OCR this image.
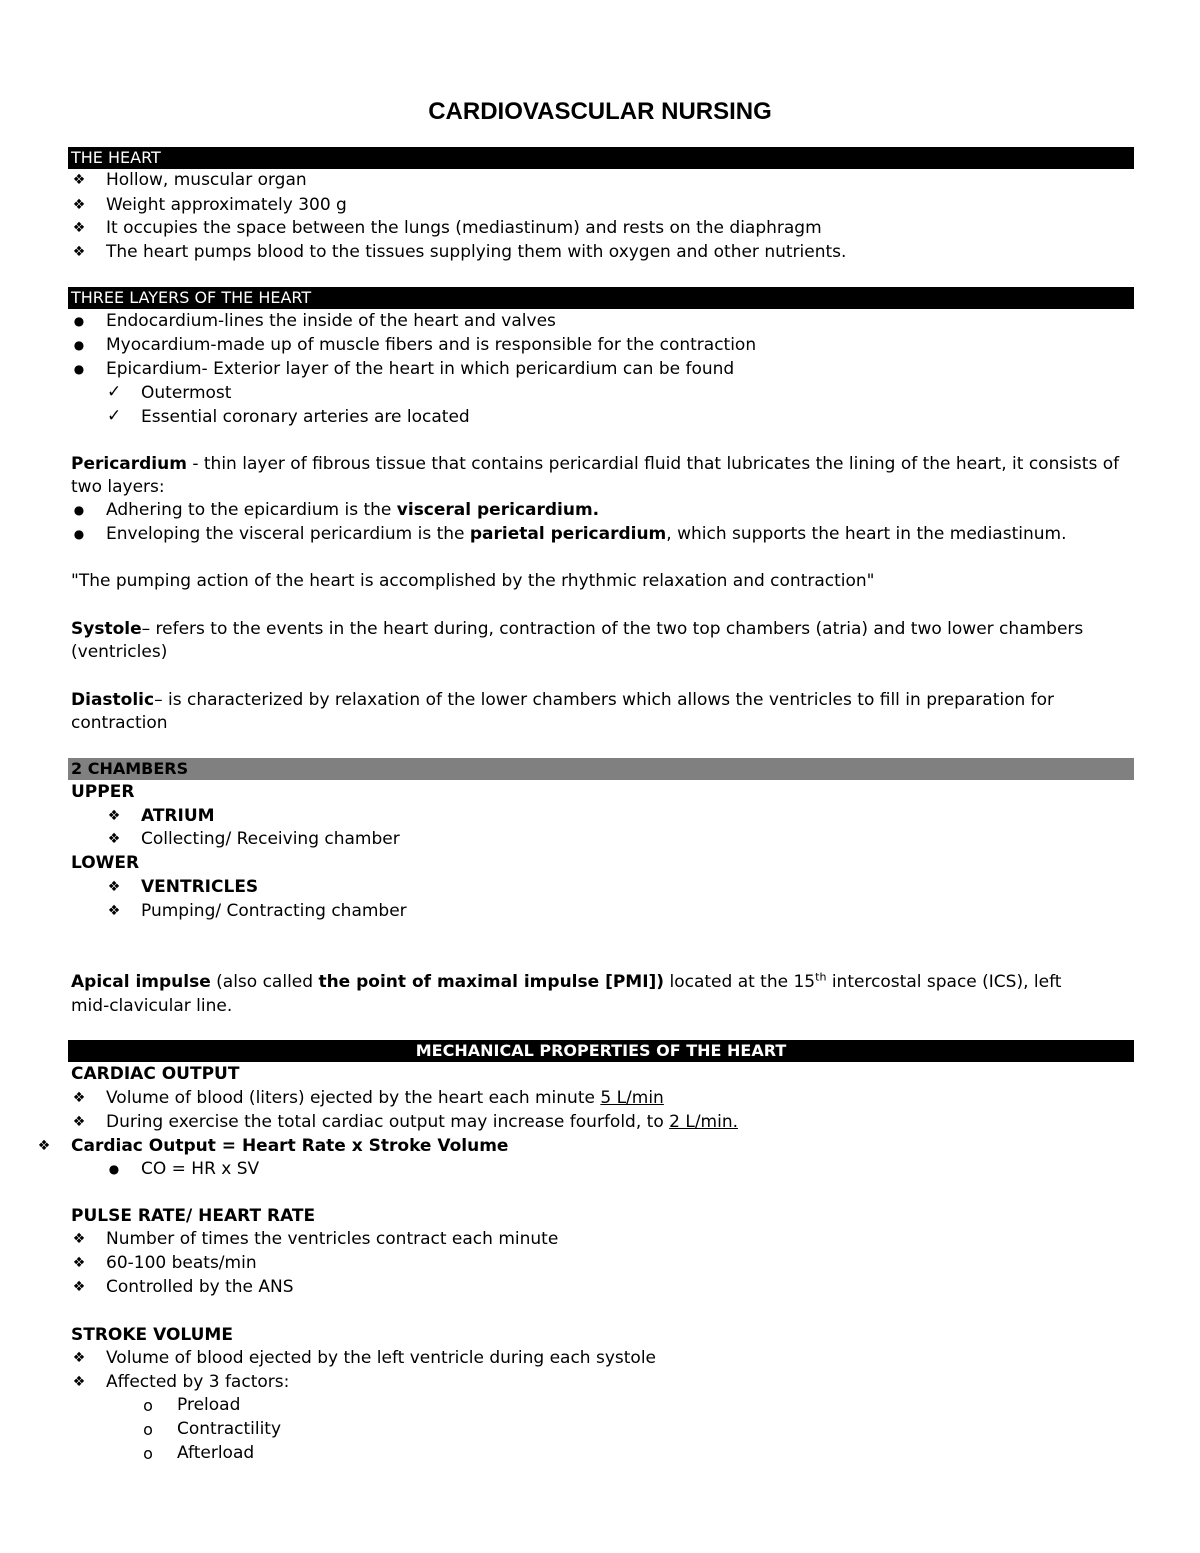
CARDIOVASCULAR NURSING
THE HEART
❖ Hollow, muscular organ
❖ Weight approximately 300 g
❖ It occupies the space between the lungs (mediastinum) and rests on the diaphragm
❖ The heart pumps blood to the tissues supplying them with oxygen and other nutrients.
THREE LAYERS OF THE HEART
● Endocardium-lines the inside of the heart and valves
● Myocardium-made up of muscle fibers and is responsible for the contraction
● Epicardium- Exterior layer of the heart in which pericardium can be found
✓ Outermost
✓ Essential coronary arteries are located
Pericardium - thin layer of fibrous tissue that contains pericardial fluid that lubricates the lining of the heart, it consists of
two layers:
● Adhering to the epicardium is the visceral pericardium.
● Enveloping the visceral pericardium is the parietal pericardium, which supports the heart in the mediastinum.
"The pumping action of the heart is accomplished by the rhythmic relaxation and contraction"
Systole– refers to the events in the heart during, contraction of the two top chambers (atria) and two lower chambers
(ventricles)
Diastolic– is characterized by relaxation of the lower chambers which allows the ventricles to fill in preparation for
contraction
2 CHAMBERS
UPPER
❖ ATRIUM
❖ Collecting/ Receiving chamber
LOWER
❖ VENTRICLES
❖ Pumping/ Contracting chamber
Apical impulse (also called the point of maximal impulse [PMI]) located at the 15th intercostal space (ICS), left
mid-clavicular line.
MECHANICAL PROPERTIES OF THE HEART
CARDIAC OUTPUT
❖ Volume of blood (liters) ejected by the heart each minute 5 L/min
❖ During exercise the total cardiac output may increase fourfold, to 2 L/min.
❖ Cardiac Output = Heart Rate x Stroke Volume
● CO = HR x SV
PULSE RATE/ HEART RATE
❖ Number of times the ventricles contract each minute
❖ 60-100 beats/min
❖ Controlled by the ANS
STROKE VOLUME
❖ Volume of blood ejected by the left ventricle during each systole
❖ Affected by 3 factors:
o Preload
o Contractility
o Afterload
